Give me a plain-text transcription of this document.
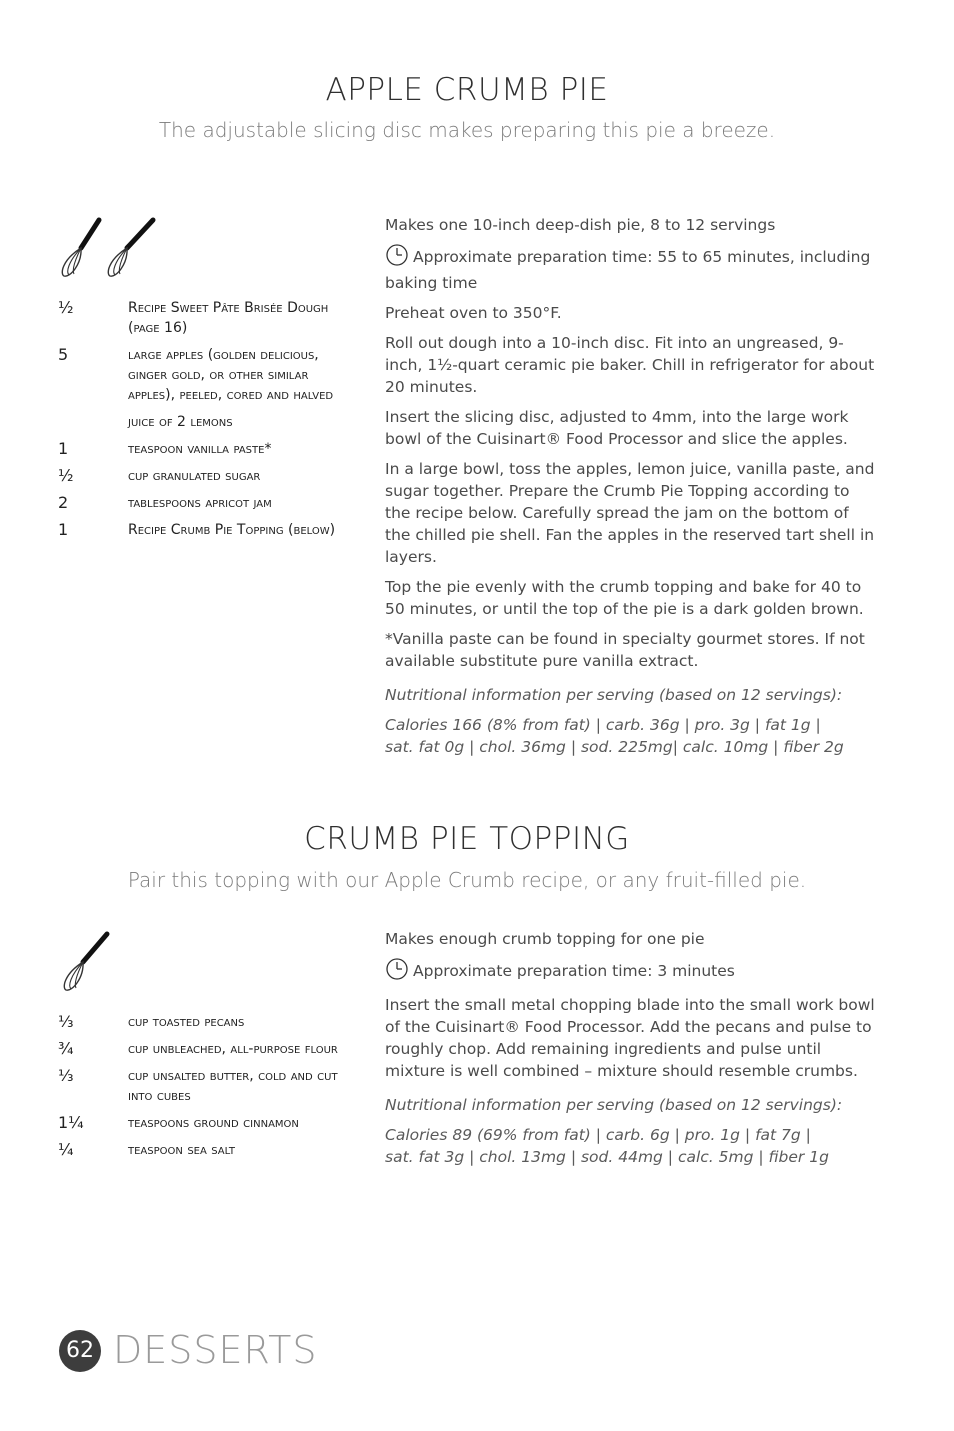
APPLE CRUMB PIE
The adjustable slicing disc makes preparing this pie a breeze.
½	Recipe Sweet Pâte Brisée Dough (page 16)
5	large apples (golden delicious, ginger gold, or other similar apples), peeled, cored and halved
juice of 2 lemons
1	teaspoon vanilla paste*
½	cup granulated sugar
2	tablespoons apricot jam
1	Recipe Crumb Pie Topping (below)

Makes one 10-inch deep-dish pie, 8 to 12 servings

Approximate preparation time: 55 to 65 minutes, including baking time

Preheat oven to 350°F.

Roll out dough into a 10-inch disc. Fit into an ungreased, 9-inch, 1½-quart ceramic pie baker. Chill in refrigerator for about 20 minutes.

Insert the slicing disc, adjusted to 4mm, into the large work bowl of the Cuisinart® Food Processor and slice the apples.

In a large bowl, toss the apples, lemon juice, vanilla paste, and sugar together. Prepare the Crumb Pie Topping according to the recipe below. Carefully spread the jam on the bottom of the chilled pie shell. Fan the apples in the reserved tart shell in layers.

Top the pie evenly with the crumb topping and bake for 40 to 50 minutes, or until the top of the pie is a dark golden brown.

*Vanilla paste can be found in specialty gourmet stores. If not available substitute pure vanilla extract.

Nutritional information per serving (based on 12 servings):

Calories 166 (8% from fat) | carb. 36g | pro. 3g | fat 1g |

sat. fat 0g | chol. 36mg | sod. 225mg| calc. 10mg | fiber 2g

CRUMB PIE TOPPING
Pair this topping with our Apple Crumb recipe, or any fruit-filled pie.
⅓	cup toasted pecans
¾	cup unbleached, all-purpose flour
⅓	cup unsalted butter, cold and cut into cubes
1¼	teaspoons ground cinnamon
¼	teaspoon sea salt

Makes enough crumb topping for one pie

Approximate preparation time: 3 minutes

Insert the small metal chopping blade into the small work bowl of the Cuisinart® Food Processor. Add the pecans and pulse to roughly chop. Add remaining ingredients and pulse until mixture is well combined – mixture should resemble crumbs.

Nutritional information per serving (based on 12 servings):

Calories 89 (69% from fat) | carb. 6g | pro. 1g | fat 7g |

sat. fat 3g | chol. 13mg | sod. 44mg | calc. 5mg | fiber 1g

62 DESSERTS
